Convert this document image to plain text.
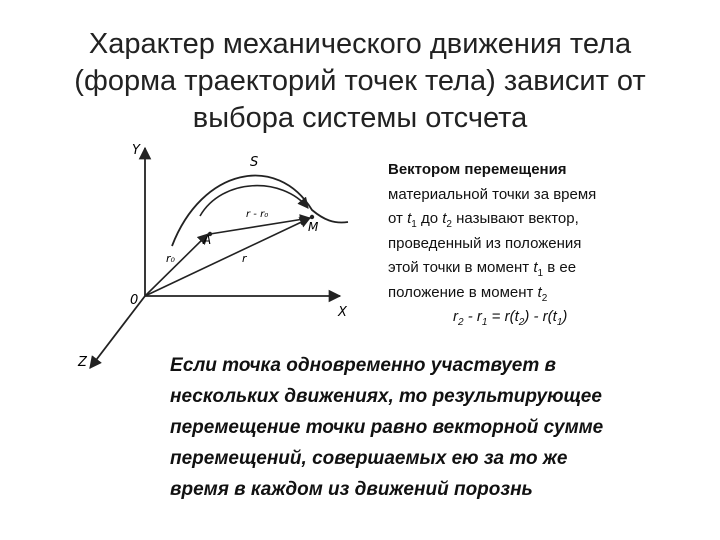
Характер механического движения тела
(форма траекторий точек тела) зависит от
выбора системы отсчета
Y
X
Z
0
S
A
M
r - r₀
r₀	r
Вектором перемещения
материальной точки за время
от $t_1$ до $t_2$ называют вектор,
проведенный из положения
этой точки в момент $t_1$ в ее
положение в момент $t_2$
$r_2 - r_1 = r(t_2) - r(t_1)$
Если точка одновременно участвует в
нескольких движениях, то результирующее
перемещение точки равно векторной сумме
перемещений, совершаемых ею за то же
время в каждом из движений порознь
